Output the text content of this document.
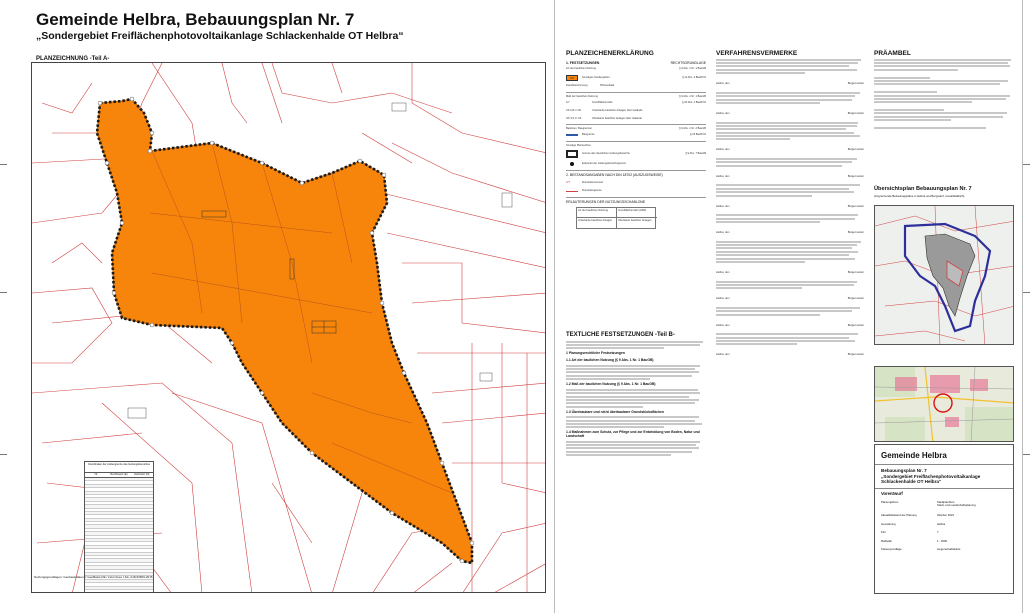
Gemeinde Helbra, Bebauungsplan Nr. 7
„Sondergebiet Freiflächenphotovoltaikanlage Schlackenhalde OT Helbra“
PLANZEICHNUNG -Teil A-
Koordinaten der Außengrenze des Geltungsbereiches
Nr.	Rechtswert (E)	Hochwert (N)
Nutzungsgrundlagen: Geobasisdaten © GeoBasis-DE / LVermGeo LSA, A18-60609-2015
PLANZEICHENERKLÄRUNG
1. FESTSETZUNGEN	RECHTSGRUNDLAGE
Art der baulichen Nutzung	§ 9 Abs. 1 Nr. 1 BauGB
SO	Sonstiges Sondergebiet	§ 11 Abs. 2 BauNVO
Zweckbestimmung	Photovoltaik
Maß der baulichen Nutzung	§ 9 Abs. 1 Nr. 1 BauGB
0,7	Grundflächenzahl	§ 16 Abs. 2 BauNVO
UK 0,8 m OK	Unterkante baulicher Anlagen über Gelände
OK 3,5 m OK	Oberkante baulicher Anlagen über Gelände
Baulinien, Baugrenzen	§ 9 Abs. 1 Nr. 2 BauGB
Baugrenze	§ 23 BauNVO
Sonstige Planzeichen
Grenze des räumlichen Geltungsbereichs	§ 9 Abs. 7 BauGB
Eckpunkt der Geltungsbereichsgrenze
2. BESTANDSANGABEN NACH DIN 18702 (AUSZUGSWEISE)
2/7	Flurstücksnummer
Flurstücksgrenze
ERLÄUTERUNGEN DER NUTZUNGSSCHABLONE
Art der baulichen Nutzung	Grundflächenzahl (GRZ)
Unterkante baulicher Anlagen	Oberkante baulicher Anlagen
TEXTLICHE FESTSETZUNGEN -Teil B-
1 Planungsrechtliche Festsetzungen
1.1 Art der baulichen Nutzung (§ 9 Abs. 1 Nr. 1 BauGB)
1.2 Maß der baulichen Nutzung (§ 9 Abs. 1 Nr. 1 BauGB)
1.3 Überbaubare und nicht überbaubare Grundstücksflächen
1.4 Maßnahmen zum Schutz, zur Pflege und zur Entwicklung von Boden, Natur und Landschaft
VERFAHRENSVERMERKE
Helbra, den	Bürgermeister
Helbra, den	Bürgermeister
Helbra, den	Bürgermeister
Helbra, den	Bürgermeister
Helbra, den	Bürgermeister
Helbra, den	Bürgermeister
Helbra, den	Bürgermeister
Helbra, den	Bürgermeister
Helbra, den	Bürgermeister
Helbra, den	Bürgermeister
PRÄAMBEL
Übersichtsplan Bebauungsplan Nr. 7
(Angrenzende Bebauungspläne in Helbra und Bergsdorf, unmaßstäblich)
Gemeinde Helbra
Bebauungsplan Nr. 7
„Sondergebiet Freiflächenphotovoltaikanlage
Schlackenhalde OT Helbra“
Vorentwurf
Planungsbüro	Stadtplanbüro
Stadt- und Landschaftsplanung
Aktualitätsstand der Planung	Oktober 2024
Gemarkung	Helbra
Flur	7
Maßstab	1 : 2000
Kartengrundlage	Liegenschaftskarte
